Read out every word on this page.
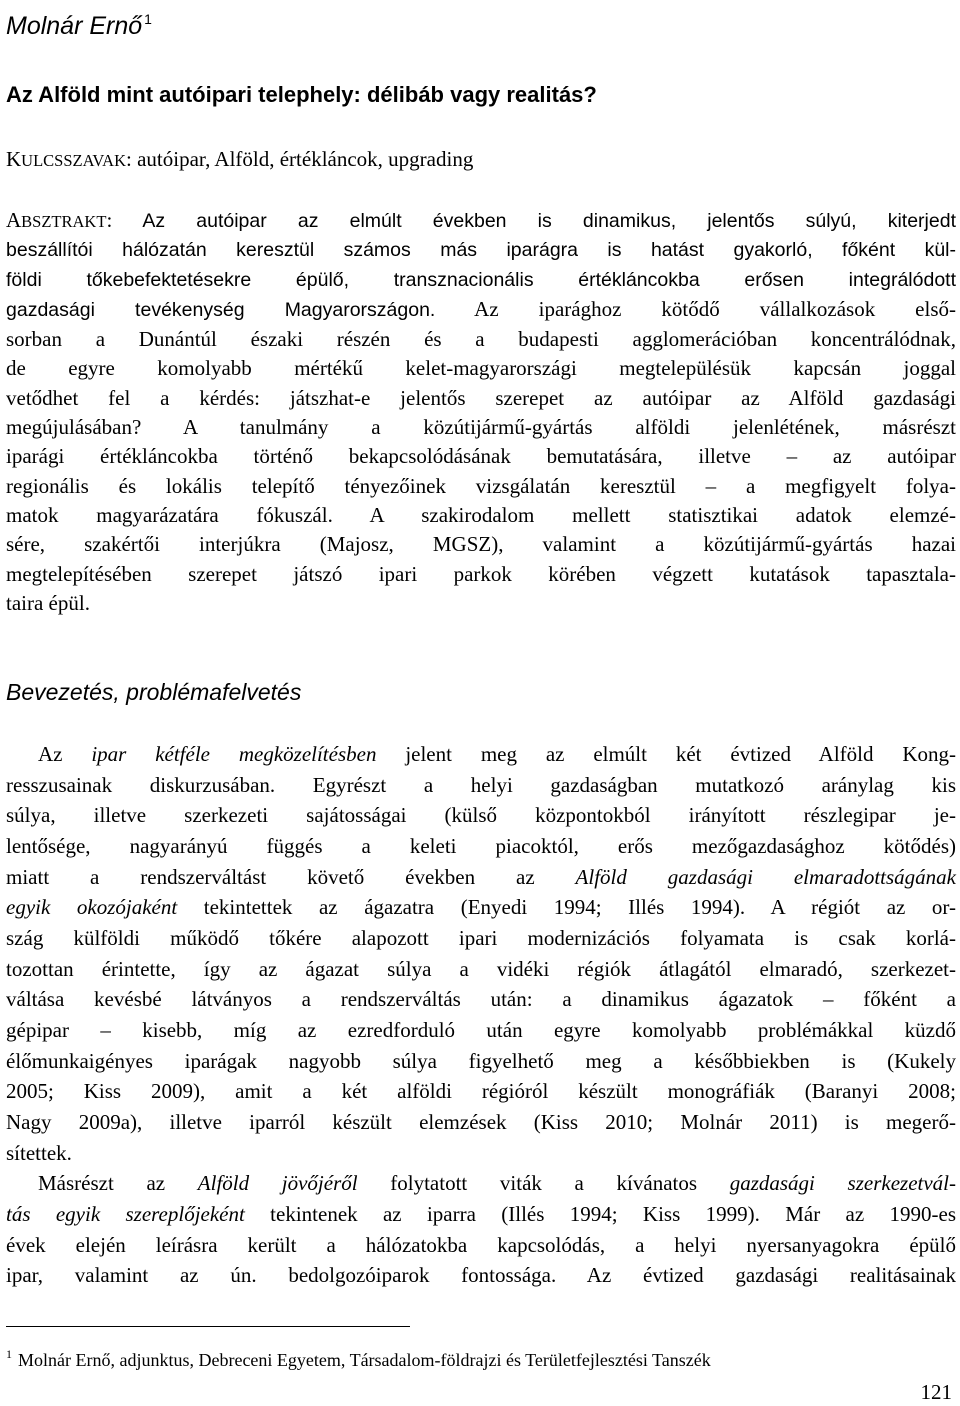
Molnár Ernő $^1$
Az Alföld mint autóipari telephely: délibáb vagy realitás?
KULCSSZAVAK: autóipar, Alföld, értékláncok, upgrading
ABSZTRAKT: Az autóipar az elmúlt években is dinamikus, jelentős súlyú, kiterjedt
beszállítói hálózatán keresztül számos más iparágra is hatást gyakorló, főként kül-
földi tőkebefektetésekre épülő, transznacionális értékláncokba erősen integrálódott
gazdasági tevékenység Magyarországon. Az iparághoz kötődő vállalkozások első-
sorban a Dunántúl északi részén és a budapesti agglomerációban koncentrálódnak,
de egyre komolyabb mértékű kelet-magyarországi megtelepülésük kapcsán joggal
vetődhet fel a kérdés: játszhat-e jelentős szerepet az autóipar az Alföld gazdasági
megújulásában? A tanulmány a közútijármű-gyártás alföldi jelenlétének, másrészt
iparági értékláncokba történő bekapcsolódásának bemutatására, illetve – az autóipar
regionális és lokális telepítő tényezőinek vizsgálatán keresztül – a megfigyelt folya-
matok magyarázatára fókuszál. A szakirodalom mellett statisztikai adatok elemzé-
sére, szakértői interjúkra (Majosz, MGSZ), valamint a közútijármű-gyártás hazai
megtelepítésében szerepet játszó ipari parkok körében végzett kutatások tapasztala-
taira épül.
Bevezetés, problémafelvetés
Az ipar kétféle megközelítésben jelent meg az elmúlt két évtized Alföld Kong-
resszusainak diskurzusában. Egyrészt a helyi gazdaságban mutatkozó aránylag kis
súlya, illetve szerkezeti sajátosságai (külső központokból irányított részlegipar je-
lentősége, nagyarányú függés a keleti piacoktól, erős mezőgazdasághoz kötődés)
miatt a rendszerváltást követő években az Alföld gazdasági elmaradottságának
egyik okozójaként tekintettek az ágazatra (Enyedi 1994; Illés 1994). A régiót az or-
szág külföldi működő tőkére alapozott ipari modernizációs folyamata is csak korlá-
tozottan érintette, így az ágazat súlya a vidéki régiók átlagától elmaradó, szerkezet-
váltása kevésbé látványos a rendszerváltás után: a dinamikus ágazatok – főként a
gépipar – kisebb, míg az ezredforduló után egyre komolyabb problémákkal küzdő
élőmunkaigényes iparágak nagyobb súlya figyelhető meg a későbbiekben is (Kukely
2005; Kiss 2009), amit a két alföldi régióról készült monográfiák (Baranyi 2008;
Nagy 2009a), illetve iparról készült elemzések (Kiss 2010; Molnár 2011) is megerő-
sítettek.
Másrészt az Alföld jövőjéről folytatott viták a kívánatos gazdasági szerkezetvál-
tás egyik szereplőjeként tekintenek az iparra (Illés 1994; Kiss 1999). Már az 1990-es
évek elején leírásra került a hálózatokba kapcsolódás, a helyi nyersanyagokra épülő
ipar, valamint az ún. bedolgozóiparok fontossága. Az évtized gazdasági realitásainak
$^1$ Molnár Ernő, adjunktus, Debreceni Egyetem, Társadalom-földrajzi és Területfejlesztési Tanszék
121
